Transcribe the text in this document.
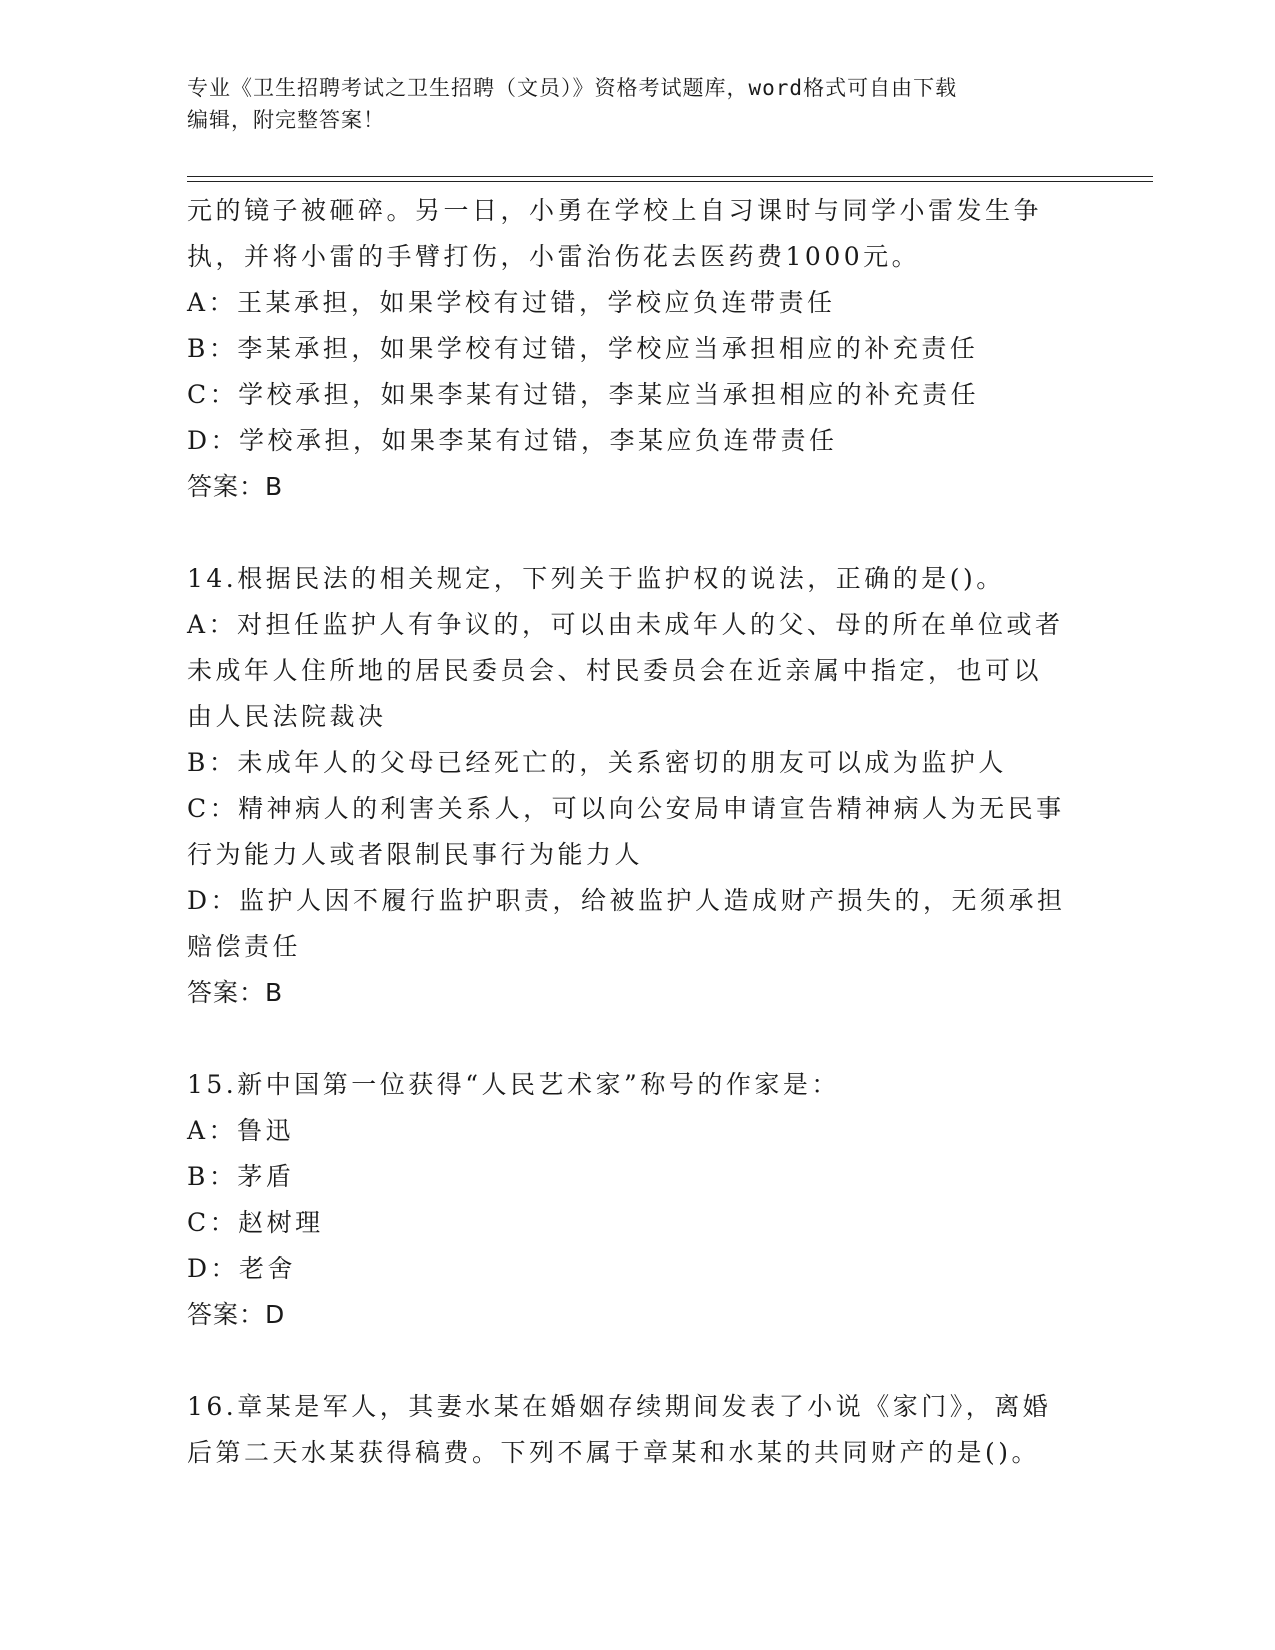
专业《卫生招聘考试之卫生招聘（文员）》资格考试题库，word格式可自由下载
编辑，附完整答案！
元的镜子被砸碎。另一日，小勇在学校上自习课时与同学小雷发生争
执，并将小雷的手臂打伤，小雷治伤花去医药费1000元。
A：王某承担，如果学校有过错，学校应负连带责任
B：李某承担，如果学校有过错，学校应当承担相应的补充责任
C：学校承担，如果李某有过错，李某应当承担相应的补充责任
D：学校承担，如果李某有过错，李某应负连带责任
答案：B
14.根据民法的相关规定，下列关于监护权的说法，正确的是()。
A：对担任监护人有争议的，可以由未成年人的父、母的所在单位或者
未成年人住所地的居民委员会、村民委员会在近亲属中指定，也可以
由人民法院裁决
B：未成年人的父母已经死亡的，关系密切的朋友可以成为监护人
C：精神病人的利害关系人，可以向公安局申请宣告精神病人为无民事
行为能力人或者限制民事行为能力人
D：监护人因不履行监护职责，给被监护人造成财产损失的，无须承担
赔偿责任
答案：B
15.新中国第一位获得“人民艺术家”称号的作家是：
A：鲁迅
B：茅盾
C：赵树理
D：老舍
答案：D
16.章某是军人，其妻水某在婚姻存续期间发表了小说《家门》，离婚
后第二天水某获得稿费。下列不属于章某和水某的共同财产的是()。
